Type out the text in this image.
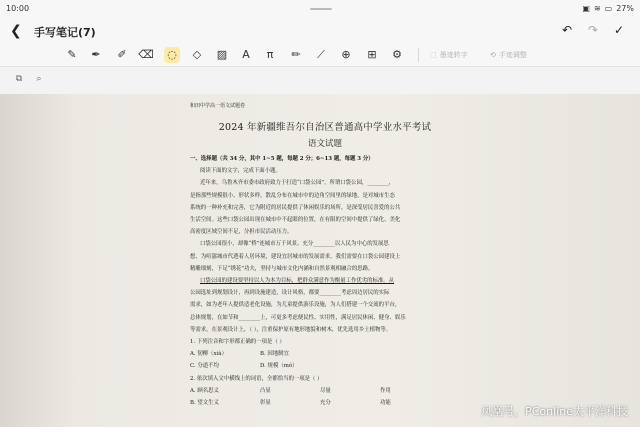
10:00	▣ ≋ ▭ 27%
❮ 手写笔记(7)	↶ ↷ ✓
✎	✒	✐	⌫ ◌	◇	▨	A	π	✏	⟋	⊕	⊞	⚙	⬚ 墨迹转字	⟲ 手迹调整
⧉	⌕
和田中学高一语文试题卷
2024 年新疆维吾尔自治区普通高中学业水平考试
语文试题
一、选择题（共 34 分，其中 1~5 题，每题 2 分；6~13 题，每题 3 分）
阅读下面的文字，完成下面小题。
近年来，乌鲁木齐市委市政府致力于打造“口袋公园”。所谓口袋公园，________，
是指那些规模很小、形状多样，散乱分布在城市中的边角空间里的绿地，是对城市生态
系统的一种补充和完善，它为附近的居民提供了休闲娱乐的场所，是深受居民喜爱的公共
生活空间。这些口袋公园出现在城市中不起眼的位置，在有限的空间中提供了绿化、美化
高密度区域空间不足，分担市民活动压力。
口袋公园很小，却像“桥”连城市万千风景。充分________以人民为中心的发展思
想，为喧嚣城市代透着人居环境，建设宜居城市的发展需求。我们需要在口袋公园建设上
精雕细刻，下足“绣花”功夫，坚持与城市文化内涵和自然景观相融合的思路。
口袋公园的建设要坚持以人为本为目标，把群众满意作为衡量工作优劣的标准。从
公园选址到规划设计，再到设施建造，设计风格，都要________考虑周边居民的实际
需求，如为老年人提供适老化设施，为儿童提供游乐设施，为人们搭建一个交流的平台，
总体规划，在如节和________上，可更多考虑便民性、实用性，满足居民休闲、健身、娱乐
等需求，在景观设计上，（ ），注重保护原有地形地貌和树木，优先选用乡土植物等。
1. 下列注音和字形都正确的一项是（ ）
A. 韧柳（xià）	B. 因地制宜
C. 分道不均	D. 规模（mó）
2. 依次填入文中横线上的词语，全都恰当的一项是（ ）
A. 顾名思义	凸显	尽量	作用
B. 望文生义	彰显	充分	功能
凤凰号，PConline太平洋科技
